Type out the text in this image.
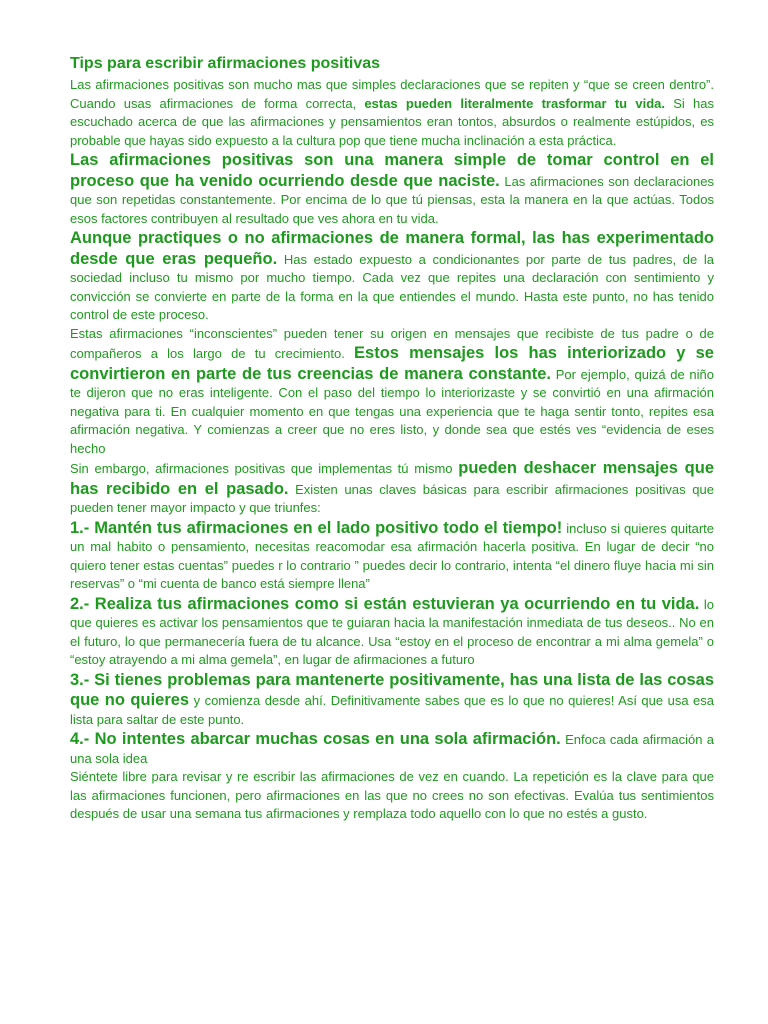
Tips para escribir afirmaciones positivas

Las afirmaciones positivas son mucho mas que simples declaraciones que se repiten y “que se creen dentro”. Cuando usas afirmaciones de forma correcta, estas pueden literalmente trasformar tu vida. Si has escuchado acerca de que las afirmaciones y pensamientos eran tontos, absurdos o realmente estúpidos, es probable que hayas sido expuesto a la cultura pop que tiene mucha inclinación a esta práctica.

Las afirmaciones positivas son una manera simple de tomar control en el proceso que ha venido ocurriendo desde que naciste. Las afirmaciones son declaraciones que son repetidas constantemente. Por encima de lo que tú piensas, esta la manera en la que actúas. Todos esos factores contribuyen al resultado que ves ahora en tu vida.

Aunque practiques o no afirmaciones de manera formal, las has experimentado desde que eras pequeño. Has estado expuesto a condicionantes por parte de tus padres, de la sociedad incluso tu mismo por mucho tiempo. Cada vez que repites una declaración con sentimiento y convicción se convierte en parte de la forma en la que entiendes el mundo. Hasta este punto, no has tenido control de este proceso.

Estas afirmaciones “inconscientes” pueden tener su origen en mensajes que recibiste de tus padre o de compañeros a los largo de tu crecimiento. Estos mensajes los has interiorizado y se convirtieron en parte de tus creencias de manera constante. Por ejemplo, quizá de niño te dijeron que no eras inteligente. Con el paso del tiempo lo interiorizaste y se convirtió en una afirmación negativa para ti. En cualquier momento en que tengas una experiencia que te haga sentir tonto, repites esa afirmación negativa. Y comienzas a creer que no eres listo, y donde sea que estés ves “evidencia de eses hecho

Sin embargo, afirmaciones positivas que implementas tú mismo pueden deshacer mensajes que has recibido en el pasado. Existen unas claves básicas para escribir afirmaciones positivas que pueden tener mayor impacto y que triunfes:

1.- Mantén tus afirmaciones en el lado positivo todo el tiempo! incluso si quieres quitarte un mal habito o pensamiento, necesitas reacomodar esa afirmación hacerla positiva. En lugar de decir “no quiero tener estas cuentas” puedes r lo contrario ” puedes decir lo contrario, intenta “el dinero fluye hacia mi sin reservas” o “mi cuenta de banco está siempre llena”

2.- Realiza tus afirmaciones como si están estuvieran ya ocurriendo en tu vida. lo que quieres es activar los pensamientos que te guiaran hacia la manifestación inmediata de tus deseos.. No en el futuro, lo que permanecería fuera de tu alcance. Usa “estoy en el proceso de encontrar a mi alma gemela” o “estoy atrayendo a mi alma gemela”, en lugar de afirmaciones a futuro

3.- Si tienes problemas para mantenerte positivamente, has una lista de las cosas que no quieres y comienza desde ahí. Definitivamente sabes que es lo que no quieres! Así que usa esa lista para saltar de este punto.

4.- No intentes abarcar muchas cosas en una sola afirmación. Enfoca cada afirmación a una sola idea

Siéntete libre para revisar y re escribir las afirmaciones de vez en cuando. La repetición es la clave para que las afirmaciones funcionen, pero afirmaciones en las que no crees no son efectivas. Evalúa tus sentimientos después de usar una semana tus afirmaciones y remplaza todo aquello con lo que no estés a gusto.
